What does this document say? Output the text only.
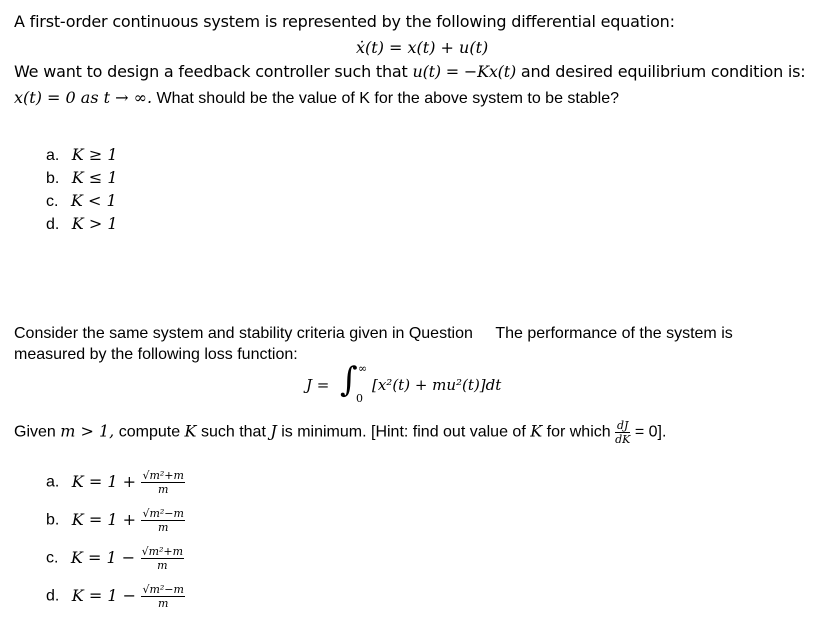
A first-order continuous system is represented by the following differential equation:
ẋ(t) = x(t) + u(t)
We want to design a feedback controller such that u(t) = −Kx(t) and desired equilibrium condition is:
x(t) = 0 as t → ∞. What should be the value of K for the above system to be stable?
a. K ≥ 1
b. K ≤ 1
c. K < 1
d. K > 1
Consider the same system and stability criteria given in Question The performance of the system is
measured by the following loss function:
J = ∫ ∞
0
[x²(t) + mu²(t)]dt
Given m > 1, compute K such that J is minimum. [Hint: find out value of K for which $\frac{dJ}{dK} = 0$].
a. $K = 1 + \frac{\text{√m²+m}}{m}$
b. $K = 1 + \frac{\text{√m²−m}}{m}$
c. $K = 1 - \frac{\text{√m²+m}}{m}$
d. $K = 1 - \frac{\text{√m²−m}}{m}$
